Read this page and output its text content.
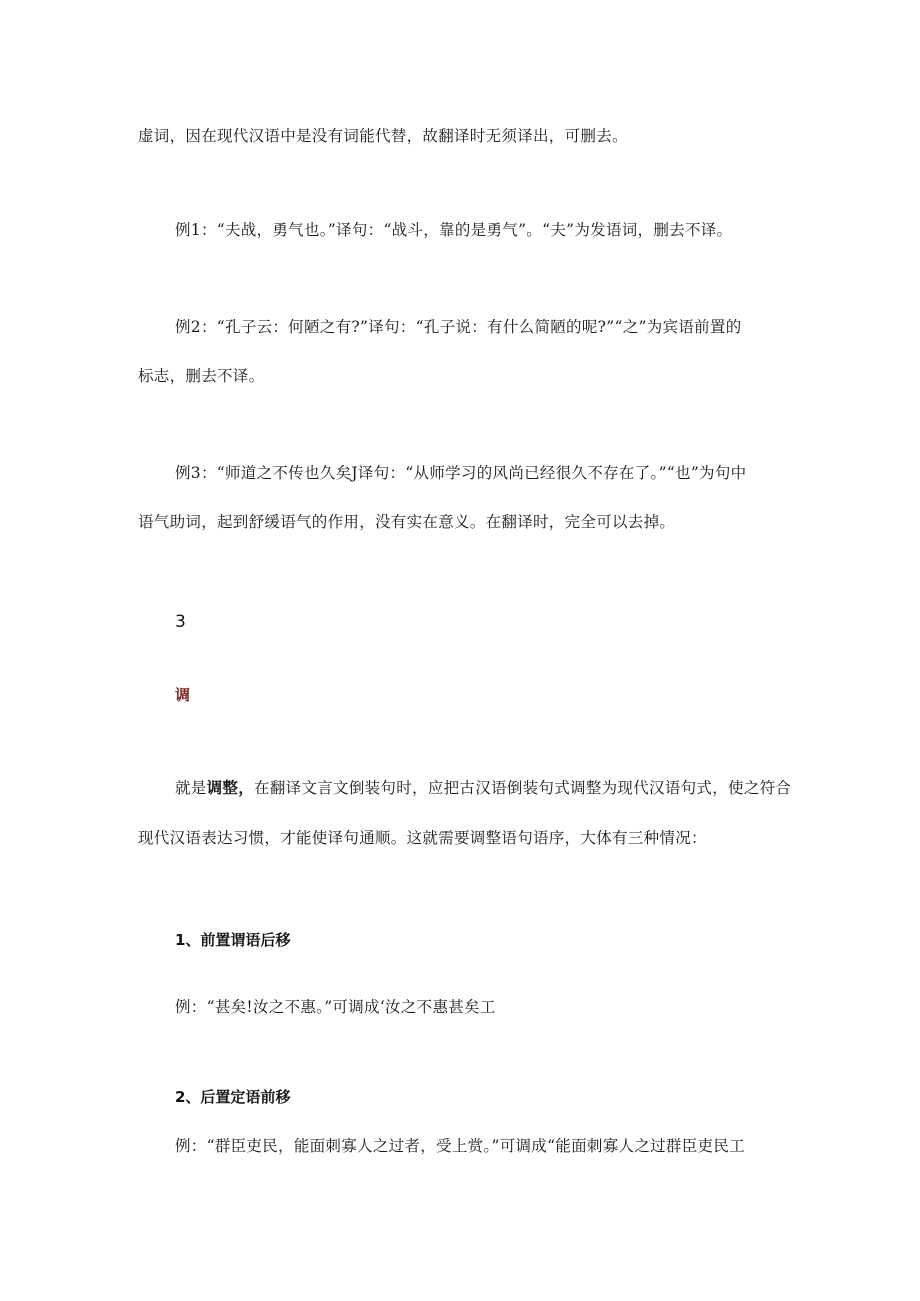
虚词，因在现代汉语中是没有词能代替，故翻译时无须译出，可删去。
例1：“夫战，勇气也。”译句：“战斗，靠的是勇气”。“夫”为发语词，删去不译。
例2：“孔子云：何陋之有?”译句：“孔子说：有什么简陋的呢?”“之”为宾语前置的
标志，删去不译。
例3：“师道之不传也久矣J译句：“从师学习的风尚已经很久不存在了。”“也”为句中
语气助词，起到舒缓语气的作用，没有实在意义。在翻译时，完全可以去掉。
3
调
就是调整，在翻译文言文倒装句时，应把古汉语倒装句式调整为现代汉语句式，使之符合
现代汉语表达习惯，才能使译句通顺。这就需要调整语句语序，大体有三种情况：
1、前置谓语后移
例：“甚矣!汝之不惠。”可调成‘汝之不惠甚矣工
2、后置定语前移
例：“群臣吏民，能面刺寡人之过者，受上赏。”可调成“能面刺寡人之过群臣吏民工
